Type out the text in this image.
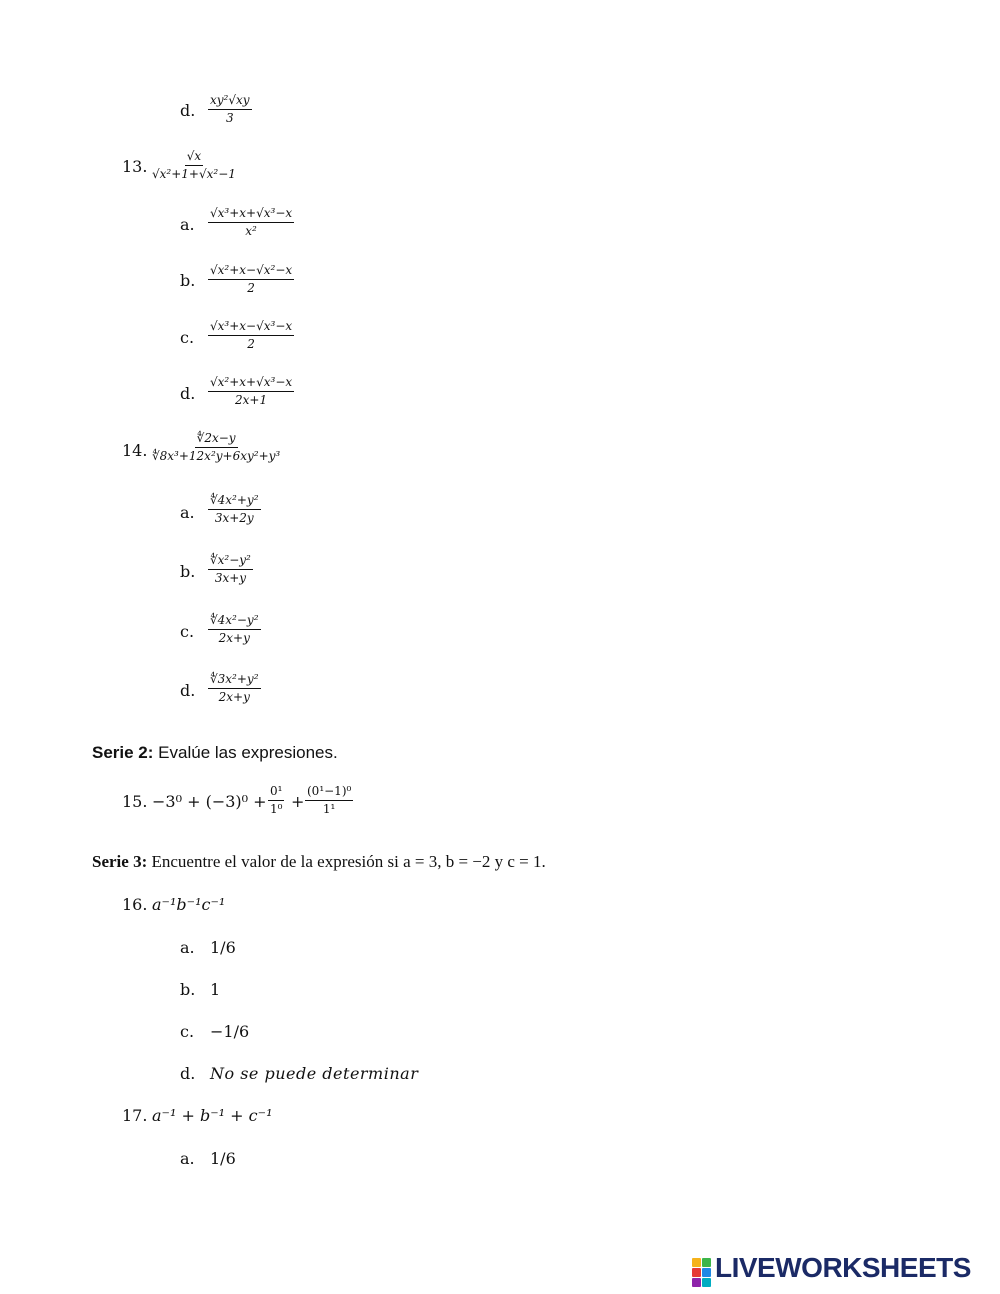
d. $\frac{\text{xy²√xy}}{3}$
13. $\frac{√x}{\text{√x²+1+√x²−1}}$
a. $\frac{\text{√x³+x+√x³−x}}{\text{x²}}$
b. $\frac{\text{√x²+x−√x²−x}}{2}$
c. $\frac{\text{√x³+x−√x³−x}}{2}$
d. $\frac{\text{√x²+x+√x³−x}}{2x+1}$
14. $\frac{∜2x-y}{\text{∜8x³+12x²y+6xy²+y³}}$
a. $\frac{\text{∜4x²+y²}}{3x+2y}$
b. $\frac{\text{∜x²−y²}}{3x+y}$
c. $\frac{\text{∜4x²−y²}}{2x+y}$
d. $\frac{\text{∜3x²+y²}}{2x+y}$
Serie 2: Evalúe las expresiones.
15. $-3^0 + (-3)^0 + \frac{\text{0¹}}{\text{1⁰}} + \frac{\text{(0¹−1)⁰}}{\text{1¹}}$
Serie 3: Encuentre el valor de la expresión si a = 3, b = −2 y c = 1.
16. a⁻¹b⁻¹c⁻¹
a. 1/6
b. 1
c. −1/6
d. No se puede determinar
17. a⁻¹ + b⁻¹ + c⁻¹
a. 1/6
LIVEWORKSHEETS
